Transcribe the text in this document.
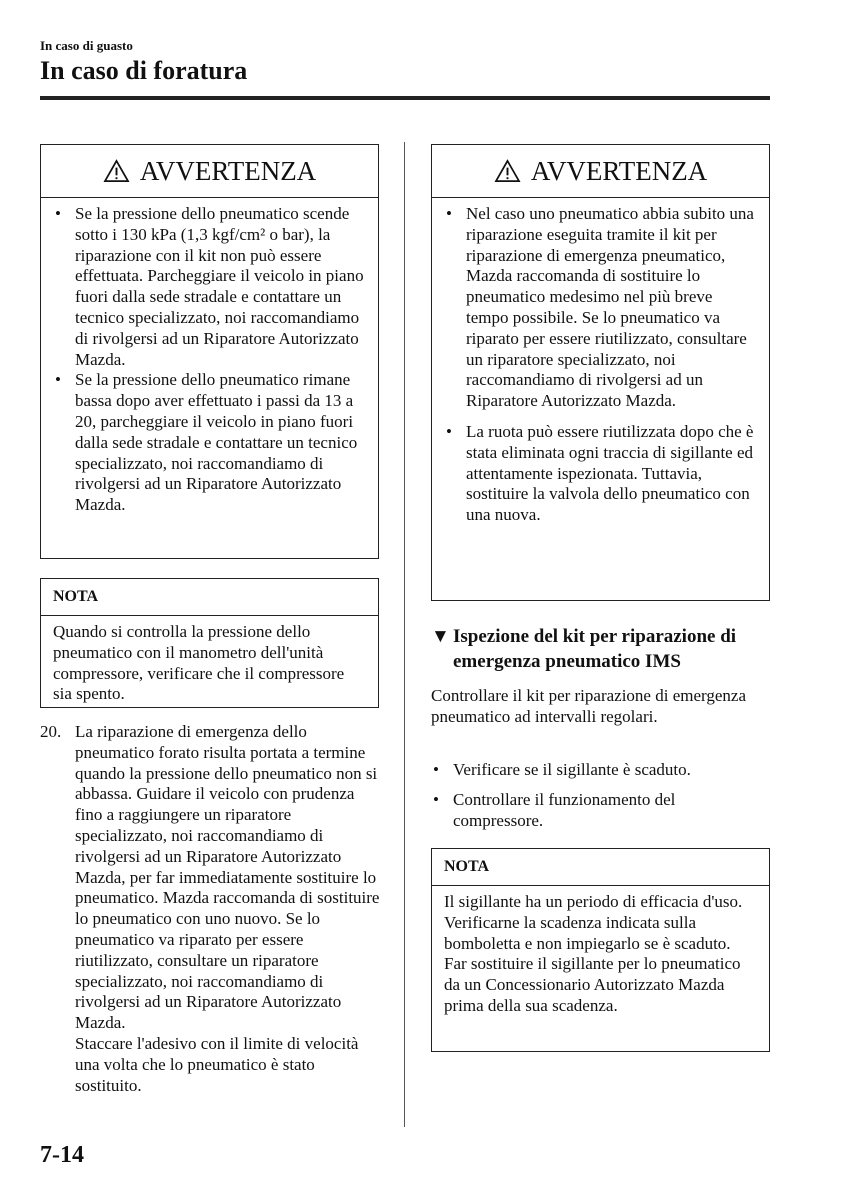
In caso di guasto
In caso di foratura
AVVERTENZA
• Se la pressione dello pneumatico scende sotto i 130 kPa (1,3 kgf/cm² o bar), la riparazione con il kit non può essere effettuata. Parcheggiare il veicolo in piano fuori dalla sede stradale e contattare un tecnico specializzato, noi raccomandiamo di rivolgersi ad un Riparatore Autorizzato Mazda.
• Se la pressione dello pneumatico rimane bassa dopo aver effettuato i passi da 13 a 20, parcheggiare il veicolo in piano fuori dalla sede stradale e contattare un tecnico specializzato, noi raccomandiamo di rivolgersi ad un Riparatore Autorizzato Mazda.
NOTA
Quando si controlla la pressione dello pneumatico con il manometro dell'unità compressore, verificare che il compressore sia spento.
20. La riparazione di emergenza dello pneumatico forato risulta portata a termine quando la pressione dello pneumatico non si abbassa. Guidare il veicolo con prudenza fino a raggiungere un riparatore specializzato, noi raccomandiamo di rivolgersi ad un Riparatore Autorizzato Mazda, per far immediatamente sostituire lo pneumatico. Mazda raccomanda di sostituire lo pneumatico con uno nuovo. Se lo pneumatico va riparato per essere riutilizzato, consultare un riparatore specializzato, noi raccomandiamo di rivolgersi ad un Riparatore Autorizzato Mazda.
Staccare l'adesivo con il limite di velocità una volta che lo pneumatico è stato sostituito.
AVVERTENZA
• Nel caso uno pneumatico abbia subito una riparazione eseguita tramite il kit per riparazione di emergenza pneumatico, Mazda raccomanda di sostituire lo pneumatico medesimo nel più breve tempo possibile. Se lo pneumatico va riparato per essere riutilizzato, consultare un riparatore specializzato, noi raccomandiamo di rivolgersi ad un Riparatore Autorizzato Mazda.
• La ruota può essere riutilizzata dopo che è stata eliminata ogni traccia di sigillante ed attentamente ispezionata. Tuttavia, sostituire la valvola dello pneumatico con una nuova.
▼ Ispezione del kit per riparazione di emergenza pneumatico IMS
Controllare il kit per riparazione di emergenza pneumatico ad intervalli regolari.
• Verificare se il sigillante è scaduto.
• Controllare il funzionamento del compressore.
NOTA
Il sigillante ha un periodo di efficacia d'uso. Verificarne la scadenza indicata sulla bomboletta e non impiegarlo se è scaduto. Far sostituire il sigillante per lo pneumatico da un Concessionario Autorizzato Mazda prima della sua scadenza.
7-14
